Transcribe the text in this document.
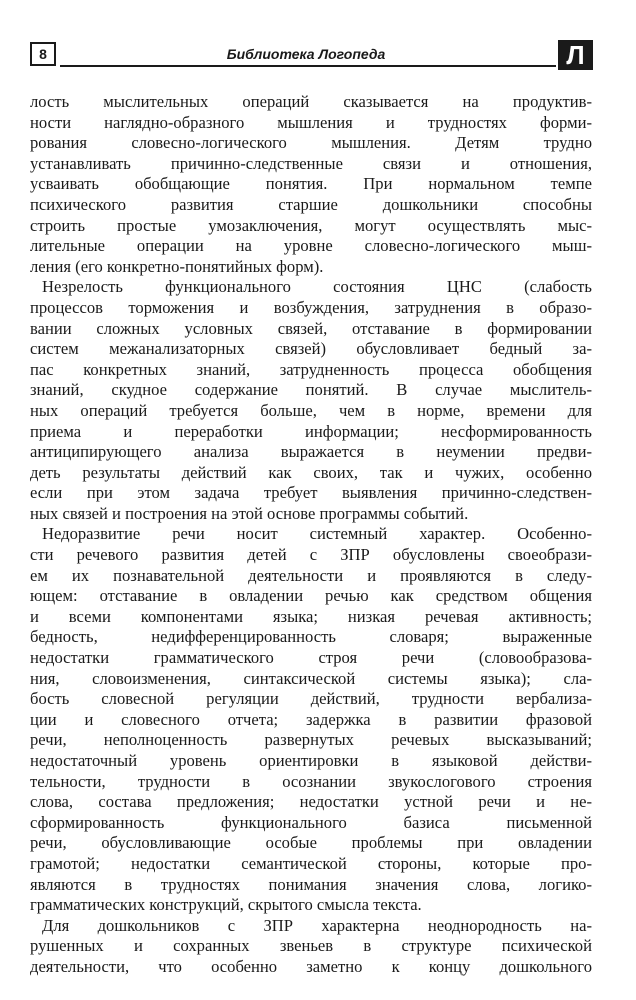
8	Библиотека Логопеда	Л
лость мыслительных операций сказывается на продуктив-
ности наглядно-образного мышления и трудностях форми-
рования словесно-логического мышления. Детям трудно
устанавливать причинно-следственные связи и отношения,
усваивать обобщающие понятия. При нормальном темпе
психического развития старшие дошкольники способны
строить простые умозаключения, могут осуществлять мыс-
лительные операции на уровне словесно-логического мыш-
ления (его конкретно-понятийных форм).
Незрелость функционального состояния ЦНС (слабость
процессов торможения и возбуждения, затруднения в образо-
вании сложных условных связей, отставание в формировании
систем межанализаторных связей) обусловливает бедный за-
пас конкретных знаний, затрудненность процесса обобщения
знаний, скудное содержание понятий. В случае мыслитель-
ных операций требуется больше, чем в норме, времени для
приема и переработки информации; несформированность
антиципирующего анализа выражается в неумении предви-
деть результаты действий как своих, так и чужих, особенно
если при этом задача требует выявления причинно-следствен-
ных связей и построения на этой основе программы событий.
Недоразвитие речи носит системный характер. Особенно-
сти речевого развития детей с ЗПР обусловлены своеобрази-
ем их познавательной деятельности и проявляются в следу-
ющем: отставание в овладении речью как средством общения
и всеми компонентами языка; низкая речевая активность;
бедность, недифференцированность словаря; выраженные
недостатки грамматического строя речи (словообразова-
ния, словоизменения, синтаксической системы языка); сла-
бость словесной регуляции действий, трудности вербализа-
ции и словесного отчета; задержка в развитии фразовой
речи, неполноценность развернутых речевых высказываний;
недостаточный уровень ориентировки в языковой действи-
тельности, трудности в осознании звукослогового строения
слова, состава предложения; недостатки устной речи и не-
сформированность функционального базиса письменной
речи, обусловливающие особые проблемы при овладении
грамотой; недостатки семантической стороны, которые про-
являются в трудностях понимания значения слова, логико-
грамматических конструкций, скрытого смысла текста.
Для дошкольников с ЗПР характерна неоднородность на-
рушенных и сохранных звеньев в структуре психической
деятельности, что особенно заметно к концу дошкольного
